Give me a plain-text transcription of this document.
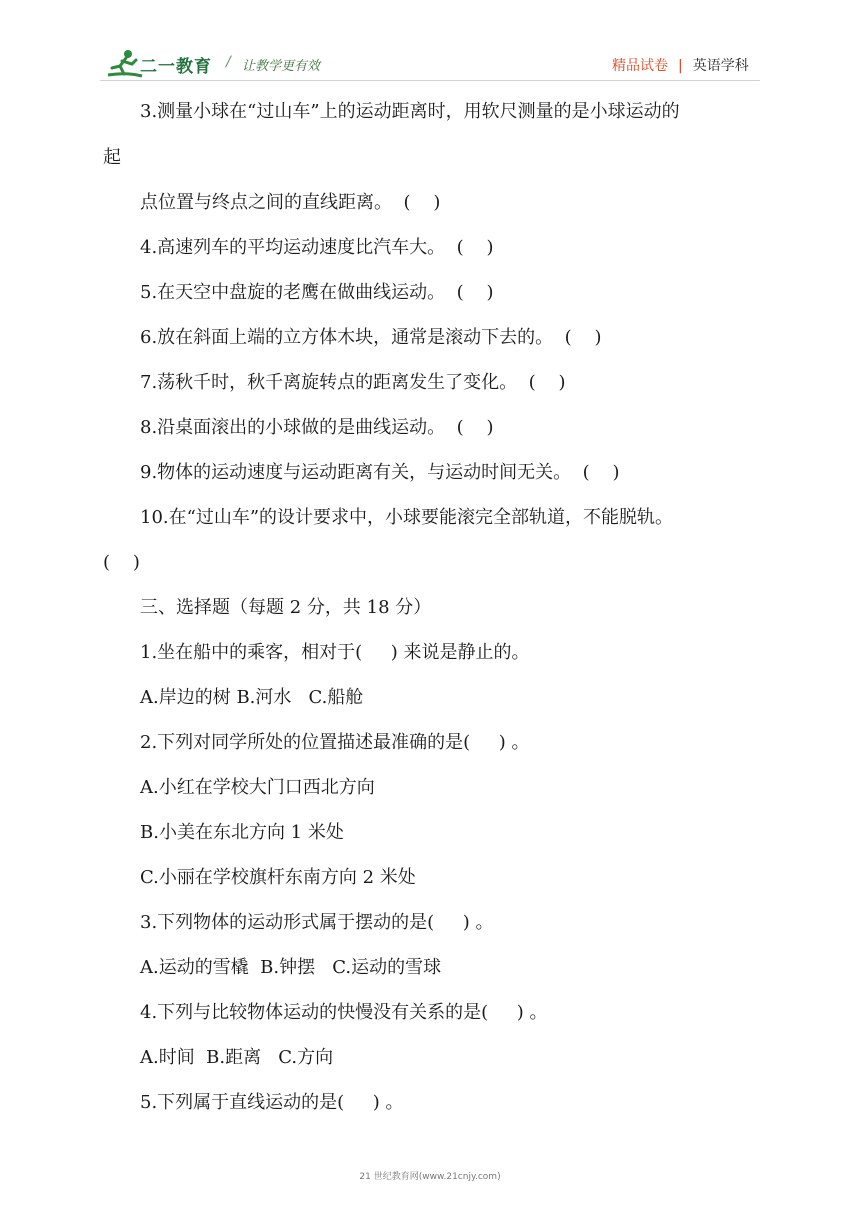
二一教育 / 让教学更有效	精品试卷 | 英语学科
3.测量小球在“过山车”上的运动距离时，用软尺测量的是小球运动的
起
点位置与终点之间的直线距离。  (    )
4.高速列车的平均运动速度比汽车大。  (    )
5.在天空中盘旋的老鹰在做曲线运动。  (    )
6.放在斜面上端的立方体木块，通常是滚动下去的。  (    )
7.荡秋千时，秋千离旋转点的距离发生了变化。  (    )
8.沿桌面滚出的小球做的是曲线运动。  (    )
9.物体的运动速度与运动距离有关，与运动时间无关。  (    )
10.在“过山车”的设计要求中，小球要能滚完全部轨道，不能脱轨。
(    )
三、选择题（每题 2 分，共 18 分）
1.坐在船中的乘客，相对于(     ) 来说是静止的。
A.岸边的树 B.河水   C.船舱
2.下列对同学所处的位置描述最准确的是(     ) 。
A.小红在学校大门口西北方向
B.小美在东北方向 1 米处
C.小丽在学校旗杆东南方向 2 米处
3.下列物体的运动形式属于摆动的是(     ) 。
A.运动的雪橇  B.钟摆   C.运动的雪球
4.下列与比较物体运动的快慢没有关系的是(     ) 。
A.时间  B.距离   C.方向
5.下列属于直线运动的是(     ) 。
21 世纪教育网(www.21cnjy.com)
